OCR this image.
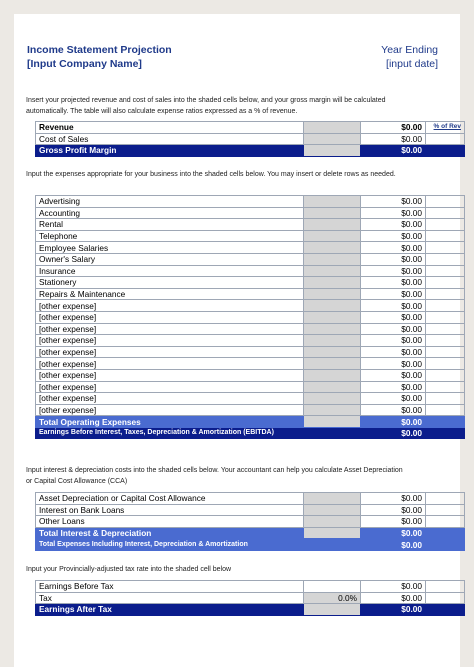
Income Statement Projection
[Input Company Name]
Year Ending
[input date]
Insert your projected revenue and cost of sales into the shaded cells below, and your gross margin will be calculated automatically. The table will also calculate expense ratios expressed as a % of revenue.
Revenue		$0.00	% of Rev
Cost of Sales		$0.00	
Gross Profit Margin		$0.00	
Input the expenses appropriate for your business into the shaded cells below. You may insert or delete rows as needed.
Advertising		$0.00	
Accounting		$0.00	
Rental		$0.00	
Telephone		$0.00	
Employee Salaries		$0.00	
Owner's Salary		$0.00	
Insurance		$0.00	
Stationery		$0.00	
Repairs & Maintenance		$0.00	
[other expense]		$0.00	
[other expense]		$0.00	
[other expense]		$0.00	
[other expense]		$0.00	
[other expense]		$0.00	
[other expense]		$0.00	
[other expense]		$0.00	
[other expense]		$0.00	
[other expense]		$0.00	
[other expense]		$0.00	
Total Operating Expenses		$0.00	
Earnings Before Interest, Taxes, Depreciation & Amortization (EBITDA)		$0.00	
Input interest & depreciation costs into the shaded cells below. Your accountant can help you calculate Asset Depreciation or Capital Cost Allowance (CCA)
Asset Depreciation or Capital Cost Allowance		$0.00	
Interest on Bank Loans		$0.00	
Other Loans		$0.00	
Total Interest & Depreciation		$0.00	
Total Expenses Including Interest, Depreciation & Amortization		$0.00	
Input your Provincially-adjusted tax rate into the shaded cell below
Earnings Before Tax		$0.00	
Tax	0.0%	$0.00	
Earnings After Tax		$0.00	
